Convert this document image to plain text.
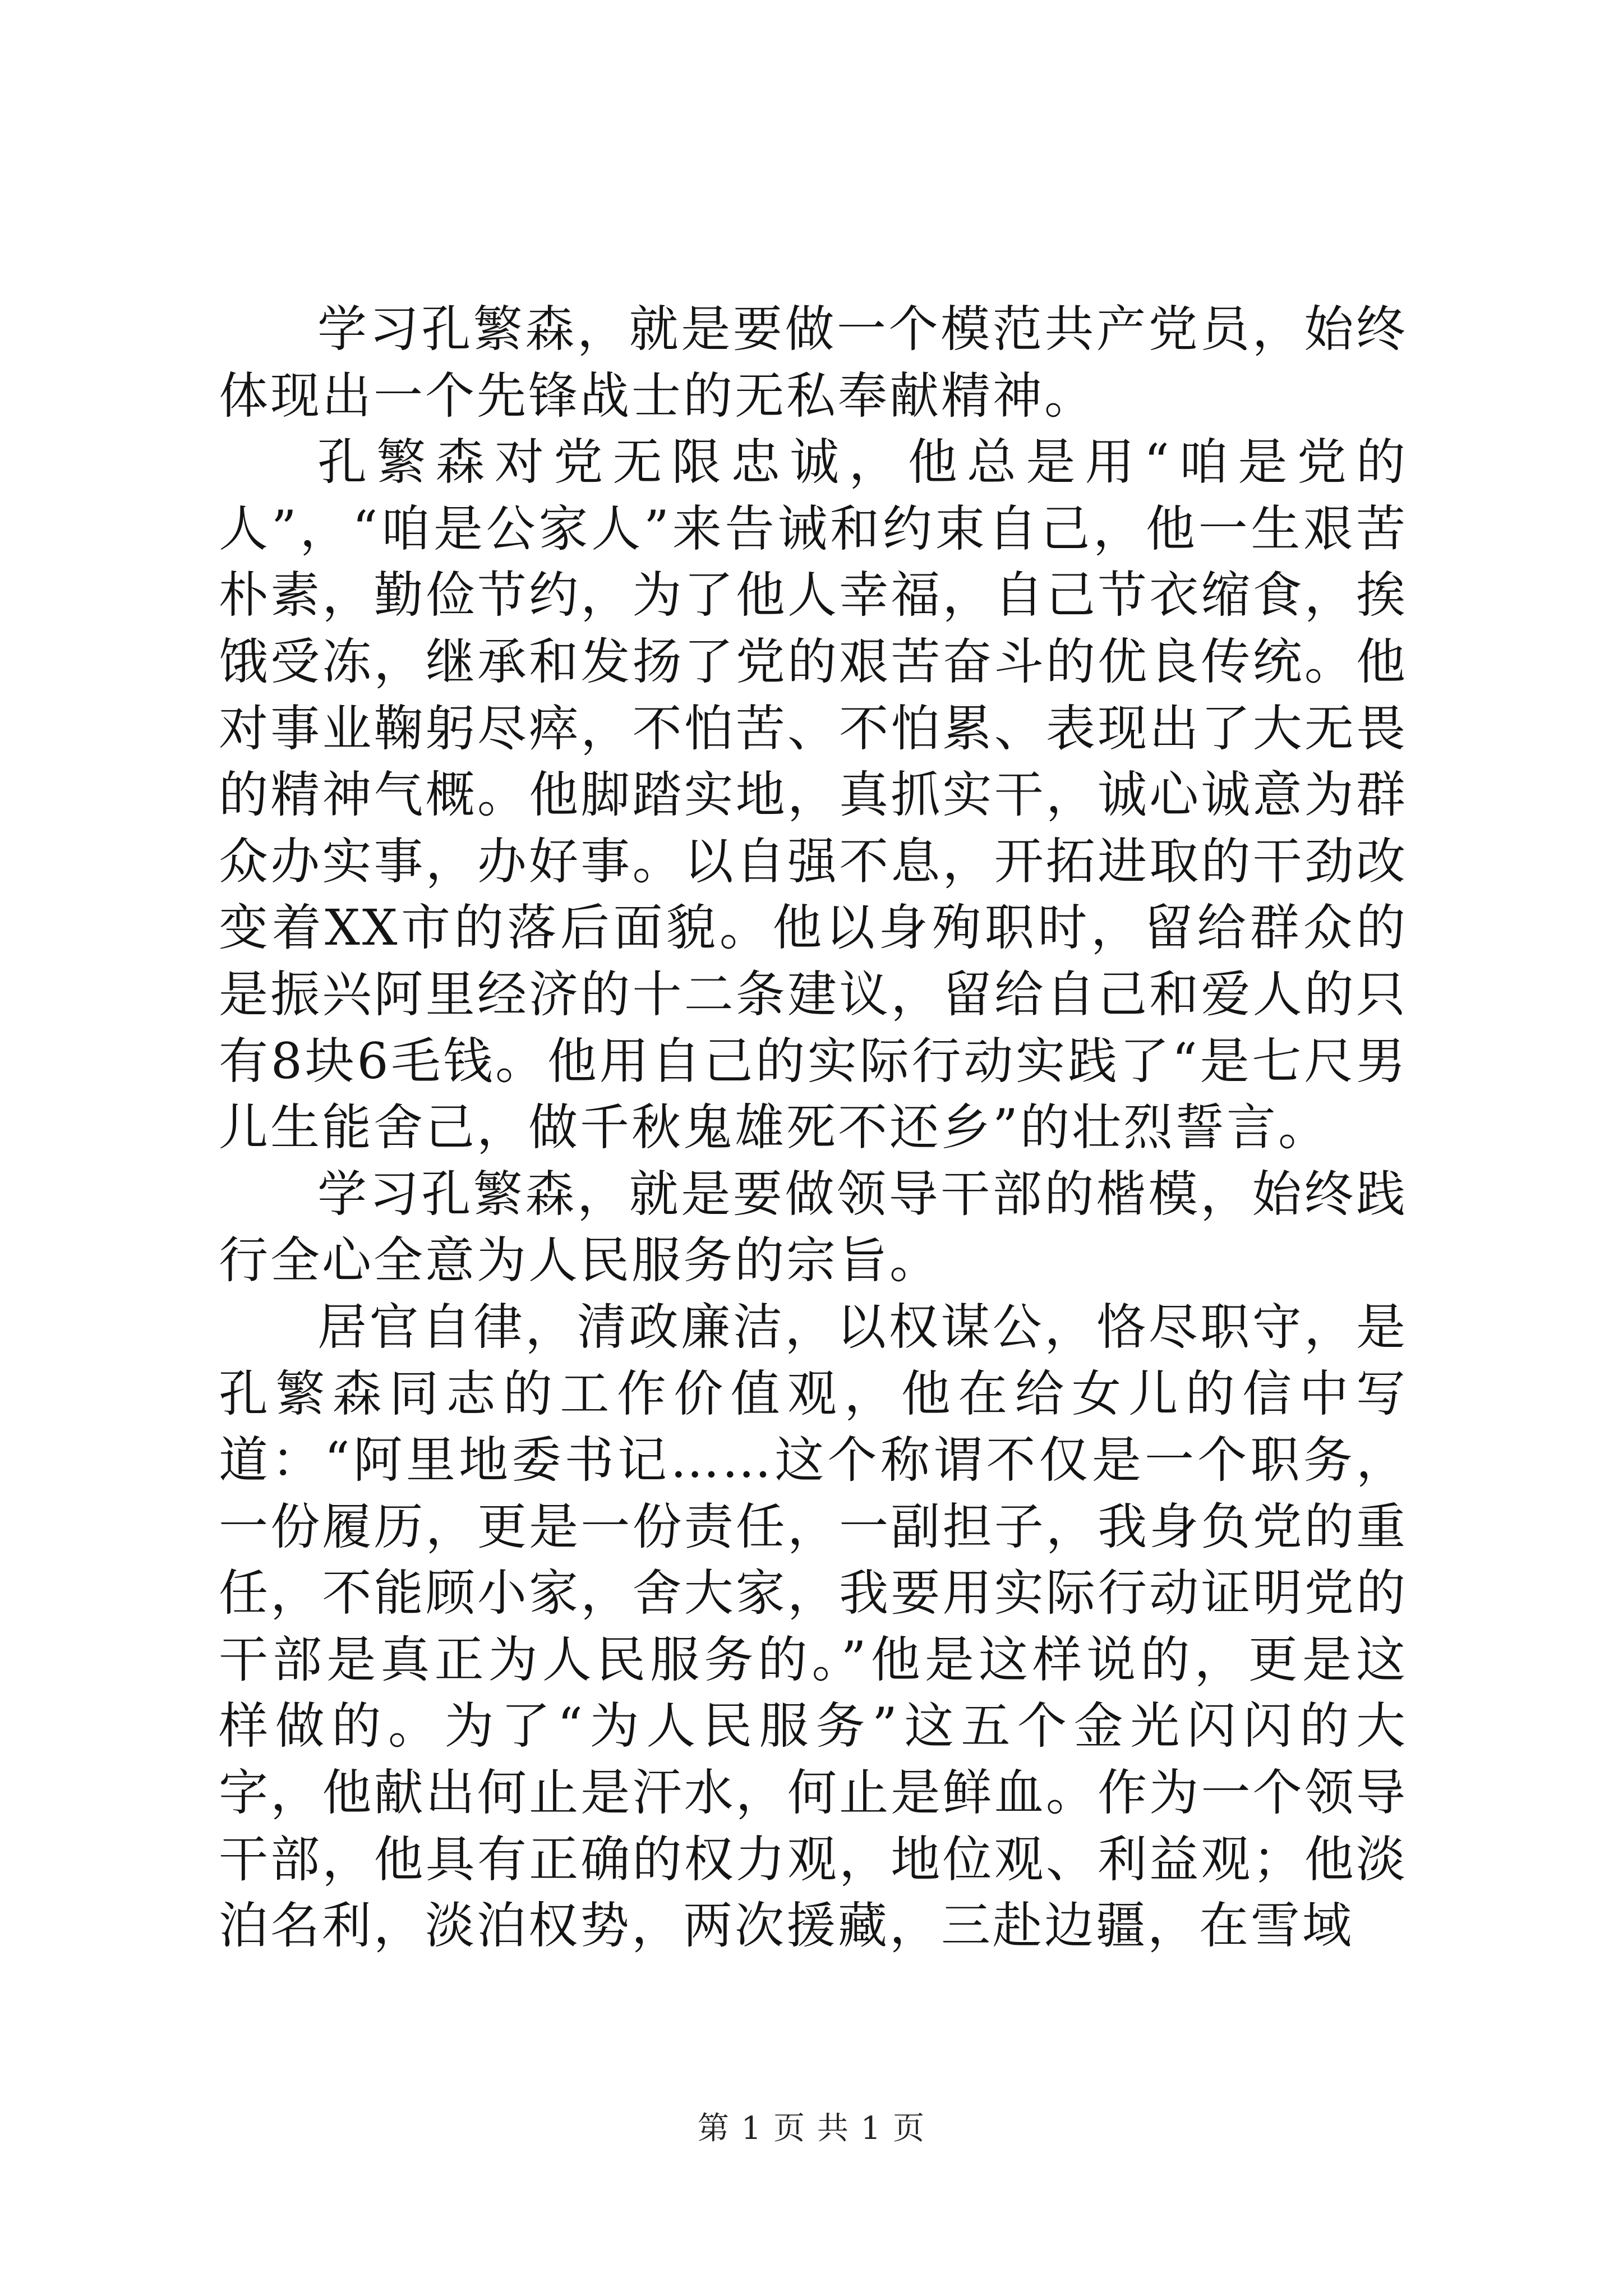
学习孔繁森，就是要做一个模范共产党员，始终体现出一个先锋战士的无私奉献精神。

孔繁森对党无限忠诚，他总是用“咱是党的人”，“咱是公家人”来告诫和约束自己，他一生艰苦朴素，勤俭节约，为了他人幸福，自己节衣缩食，挨饿受冻，继承和发扬了党的艰苦奋斗的优良传统。他对事业鞠躬尽瘁，不怕苦、不怕累、表现出了大无畏的精神气概。他脚踏实地，真抓实干，诚心诚意为群众办实事，办好事。以自强不息，开拓进取的干劲改变着XX市的落后面貌。他以身殉职时，留给群众的是振兴阿里经济的十二条建议，留给自己和爱人的只有8块6毛钱。他用自己的实际行动实践了“是七尺男儿生能舍己，做千秋鬼雄死不还乡”的壮烈誓言。

学习孔繁森，就是要做领导干部的楷模，始终践行全心全意为人民服务的宗旨。

居官自律，清政廉洁，以权谋公，恪尽职守，是孔繁森同志的工作价值观，他在给女儿的信中写道：“阿里地委书记……这个称谓不仅是一个职务，一份履历，更是一份责任，一副担子，我身负党的重任，不能顾小家，舍大家，我要用实际行动证明党的干部是真正为人民服务的。”他是这样说的，更是这样做的。为了“为人民服务”这五个金光闪闪的大字，他献出何止是汗水，何止是鲜血。作为一个领导干部，他具有正确的权力观，地位观、利益观；他淡泊名利，淡泊权势，两次援藏，三赴边疆，在雪域

第 1 页 共 1 页
